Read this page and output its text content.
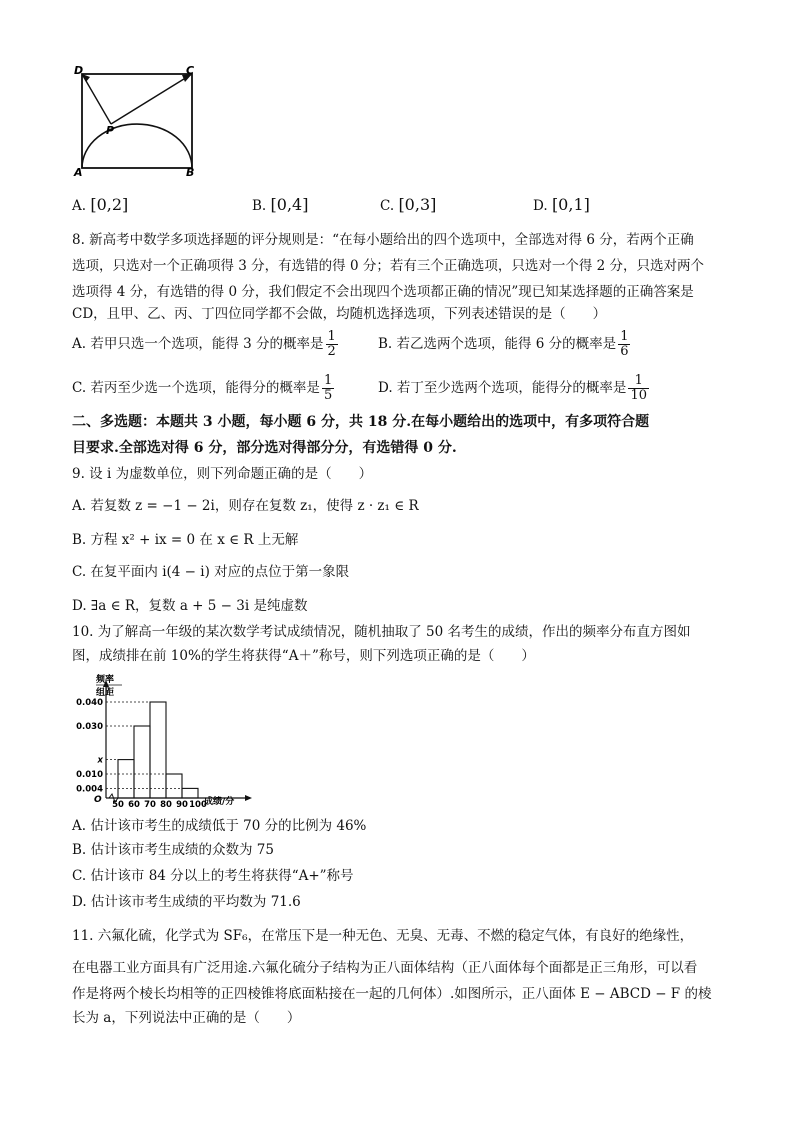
D	C
P
A	B
A. [0,2]	B. [0,4]	C. [0,3]	D. [0,1]
8. 新高考中数学多项选择题的评分规则是：“在每小题给出的四个选项中，全部选对得 6 分，若两个正确
选项，只选对一个正确项得 3 分，有选错的得 0 分；若有三个正确选项，只选对一个得 2 分，只选对两个
选项得 4 分，有选错的得 0 分，我们假定不会出现四个选项都正确的情况”现已知某选择题的正确答案是
CD，且甲、乙、丙、丁四位同学都不会做，均随机选择选项，下列表述错误的是（　　）
A. 若甲只选一个选项，能得 3 分的概率是 $\frac{1}{2}$	B. 若乙选两个选项，能得 6 分的概率是 $\frac{1}{6}$
C. 若丙至少选一个选项，能得分的概率是 $\frac{1}{5}$	D. 若丁至少选两个选项，能得分的概率是 $\frac{1}{10}$
二、多选题：本题共 3 小题，每小题 6 分，共 18 分.在每小题给出的选项中，有多项符合题
目要求.全部选对得 6 分，部分选对得部分分，有选错得 0 分.
9. 设 i 为虚数单位，则下列命题正确的是（　　）
A. 若复数 z = −1 − 2i，则存在复数 z₁，使得 z · z₁ ∈ R
B. 方程 x² + ix = 0 在 x ∈ R 上无解
C. 在复平面内 i(4 − i) 对应的点位于第一象限
D. ∃a ∈ R，复数 a + 5 − 3i 是纯虚数
10. 为了解高一年级的某次数学考试成绩情况，随机抽取了 50 名考生的成绩，作出的频率分布直方图如
图，成绩排在前 10%的学生将获得“A＋”称号，则下列选项正确的是（　　）
频率
组距
成绩/分
O
0.004
0.010
x
0.030
0.040
50 60 70 80 90 100
A. 估计该市考生的成绩低于 70 分的比例为 46%
B. 估计该市考生成绩的众数为 75
C. 估计该市 84 分以上的考生将获得“A+”称号
D. 估计该市考生成绩的平均数为 71.6
11. 六氟化硫，化学式为 SF₆，在常压下是一种无色、无臭、无毒、不燃的稳定气体，有良好的绝缘性，
在电器工业方面具有广泛用途.六氟化硫分子结构为正八面体结构（正八面体每个面都是正三角形，可以看
作是将两个棱长均相等的正四棱锥将底面粘接在一起的几何体）.如图所示，正八面体 E − ABCD − F 的棱
长为 a，下列说法中正确的是（　　）
